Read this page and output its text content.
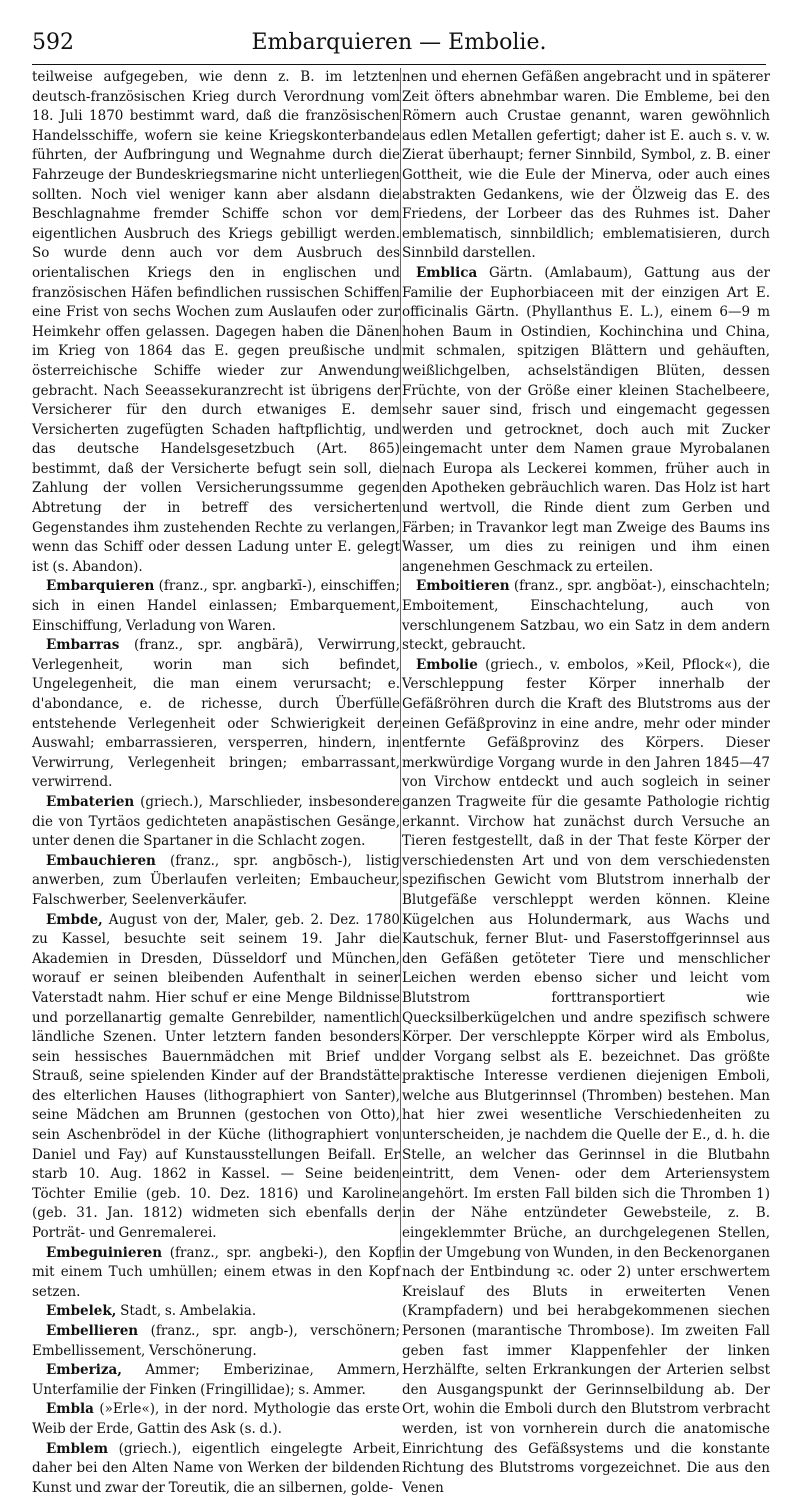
592	Embarquieren — Embolie.

teilweise aufgegeben, wie denn z. B. im letzten deutsch-französischen Krieg durch Verordnung vom 18. Juli 1870 bestimmt ward, daß die französischen Handelsschiffe, wofern sie keine Kriegskonterbande führten, der Aufbringung und Wegnahme durch die Fahrzeuge der Bundeskriegsmarine nicht unterliegen sollten. Noch viel weniger kann aber alsdann die Beschlagnahme fremder Schiffe schon vor dem eigentlichen Ausbruch des Kriegs gebilligt werden. So wurde denn auch vor dem Ausbruch des orientalischen Kriegs den in englischen und französischen Häfen befindlichen russischen Schiffen eine Frist von sechs Wochen zum Auslaufen oder zur Heimkehr offen gelassen. Dagegen haben die Dänen im Krieg von 1864 das E. gegen preußische und österreichische Schiffe wieder zur Anwendung gebracht. Nach Seeassekuranzrecht ist übrigens der Versicherer für den durch etwaniges E. dem Versicherten zugefügten Schaden haftpflichtig, und das deutsche Handelsgesetzbuch (Art. 865) bestimmt, daß der Versicherte befugt sein soll, die Zahlung der vollen Versicherungssumme gegen Abtretung der in betreff des versicherten Gegenstandes ihm zustehenden Rechte zu verlangen, wenn das Schiff oder dessen Ladung unter E. gelegt ist (s. Abandon).

Embarquieren (franz., spr. angbarkī-), einschiffen; sich in einen Handel einlassen; Embarquement, Einschiffung, Verladung von Waren.

Embarras (franz., spr. angbärā), Verwirrung, Verlegenheit, worin man sich befindet, Ungelegenheit, die man einem verursacht; e. d'abondance, e. de richesse, durch Überfülle entstehende Verlegenheit oder Schwierigkeit der Auswahl; embarrassieren, versperren, hindern, in Verwirrung, Verlegenheit bringen; embarrassant, verwirrend.

Embaterien (griech.), Marschlieder, insbesondere die von Tyrtäos gedichteten anapästischen Gesänge, unter denen die Spartaner in die Schlacht zogen.

Embauchieren (franz., spr. angbōsch-), listig anwerben, zum Überlaufen verleiten; Embaucheur, Falschwerber, Seelenverkäufer.

Embde, August von der, Maler, geb. 2. Dez. 1780 zu Kassel, besuchte seit seinem 19. Jahr die Akademien in Dresden, Düsseldorf und München, worauf er seinen bleibenden Aufenthalt in seiner Vaterstadt nahm. Hier schuf er eine Menge Bildnisse und porzellanartig gemalte Genrebilder, namentlich ländliche Szenen. Unter letztern fanden besonders sein hessisches Bauernmädchen mit Brief und Strauß, seine spielenden Kinder auf der Brandstätte des elterlichen Hauses (lithographiert von Santer), seine Mädchen am Brunnen (gestochen von Otto), sein Aschenbrödel in der Küche (lithographiert von Daniel und Fay) auf Kunstausstellungen Beifall. Er starb 10. Aug. 1862 in Kassel. — Seine beiden Töchter Emilie (geb. 10. Dez. 1816) und Karoline (geb. 31. Jan. 1812) widmeten sich ebenfalls der Porträt- und Genremalerei.

Embeguinieren (franz., spr. angbeki-), den Kopf mit einem Tuch umhüllen; einem etwas in den Kopf setzen.

Embelek, Stadt, s. Ambelakia.

Embellieren (franz., spr. angb-), verschönern; Embellissement, Verschönerung.

Emberiza, Ammer; Emberizinae, Ammern, Unterfamilie der Finken (Fringillidae); s. Ammer.

Embla (»Erle«), in der nord. Mythologie das erste Weib der Erde, Gattin des Ask (s. d.).

Emblem (griech.), eigentlich eingelegte Arbeit, daher bei den Alten Name von Werken der bildenden Kunst und zwar der Toreutik, die an silbernen, golde-

nen und ehernen Gefäßen angebracht und in späterer Zeit öfters abnehmbar waren. Die Embleme, bei den Römern auch Crustae genannt, waren gewöhnlich aus edlen Metallen gefertigt; daher ist E. auch s. v. w. Zierat überhaupt; ferner Sinnbild, Symbol, z. B. einer Gottheit, wie die Eule der Minerva, oder auch eines abstrakten Gedankens, wie der Ölzweig das E. des Friedens, der Lorbeer das des Ruhmes ist. Daher emblematisch, sinnbildlich; emblematisieren, durch Sinnbild darstellen.

Emblica Gärtn. (Amlabaum), Gattung aus der Familie der Euphorbiaceen mit der einzigen Art E. officinalis Gärtn. (Phyllanthus E. L.), einem 6—9 m hohen Baum in Ostindien, Kochinchina und China, mit schmalen, spitzigen Blättern und gehäuften, weißlichgelben, achselständigen Blüten, dessen Früchte, von der Größe einer kleinen Stachelbeere, sehr sauer sind, frisch und eingemacht gegessen werden und getrocknet, doch auch mit Zucker eingemacht unter dem Namen graue Myrobalanen nach Europa als Leckerei kommen, früher auch in den Apotheken gebräuchlich waren. Das Holz ist hart und wertvoll, die Rinde dient zum Gerben und Färben; in Travankor legt man Zweige des Baums ins Wasser, um dies zu reinigen und ihm einen angenehmen Geschmack zu erteilen.

Emboitieren (franz., spr. angböat-), einschachteln; Emboitement, Einschachtelung, auch von verschlungenem Satzbau, wo ein Satz in dem andern steckt, gebraucht.

Embolie (griech., v. embolos, »Keil, Pflock«), die Verschleppung fester Körper innerhalb der Gefäßröhren durch die Kraft des Blutstroms aus der einen Gefäßprovinz in eine andre, mehr oder minder entfernte Gefäßprovinz des Körpers. Dieser merkwürdige Vorgang wurde in den Jahren 1845—47 von Virchow entdeckt und auch sogleich in seiner ganzen Tragweite für die gesamte Pathologie richtig erkannt. Virchow hat zunächst durch Versuche an Tieren festgestellt, daß in der That feste Körper der verschiedensten Art und von dem verschiedensten spezifischen Gewicht vom Blutstrom innerhalb der Blutgefäße verschleppt werden können. Kleine Kügelchen aus Holundermark, aus Wachs und Kautschuk, ferner Blut- und Faserstoffgerinnsel aus den Gefäßen getöteter Tiere und menschlicher Leichen werden ebenso sicher und leicht vom Blutstrom forttransportiert wie Quecksilberkügelchen und andre spezifisch schwere Körper. Der verschleppte Körper wird als Embolus, der Vorgang selbst als E. bezeichnet. Das größte praktische Interesse verdienen diejenigen Emboli, welche aus Blutgerinnsel (Thromben) bestehen. Man hat hier zwei wesentliche Verschiedenheiten zu unterscheiden, je nachdem die Quelle der E., d. h. die Stelle, an welcher das Gerinnsel in die Blutbahn eintritt, dem Venen- oder dem Arteriensystem angehört. Im ersten Fall bilden sich die Thromben 1) in der Nähe entzündeter Gewebsteile, z. B. eingeklemmter Brüche, an durchgelegenen Stellen, in der Umgebung von Wunden, in den Beckenorganen nach der Entbindung ꝛc. oder 2) unter erschwertem Kreislauf des Bluts in erweiterten Venen (Krampfadern) und bei herabgekommenen siechen Personen (marantische Thrombose). Im zweiten Fall geben fast immer Klappenfehler der linken Herzhälfte, selten Erkrankungen der Arterien selbst den Ausgangspunkt der Gerinnselbildung ab. Der Ort, wohin die Emboli durch den Blutstrom verbracht werden, ist von vornherein durch die anatomische Einrichtung des Gefäßsystems und die konstante Richtung des Blutstroms vorgezeichnet. Die aus den Venen
